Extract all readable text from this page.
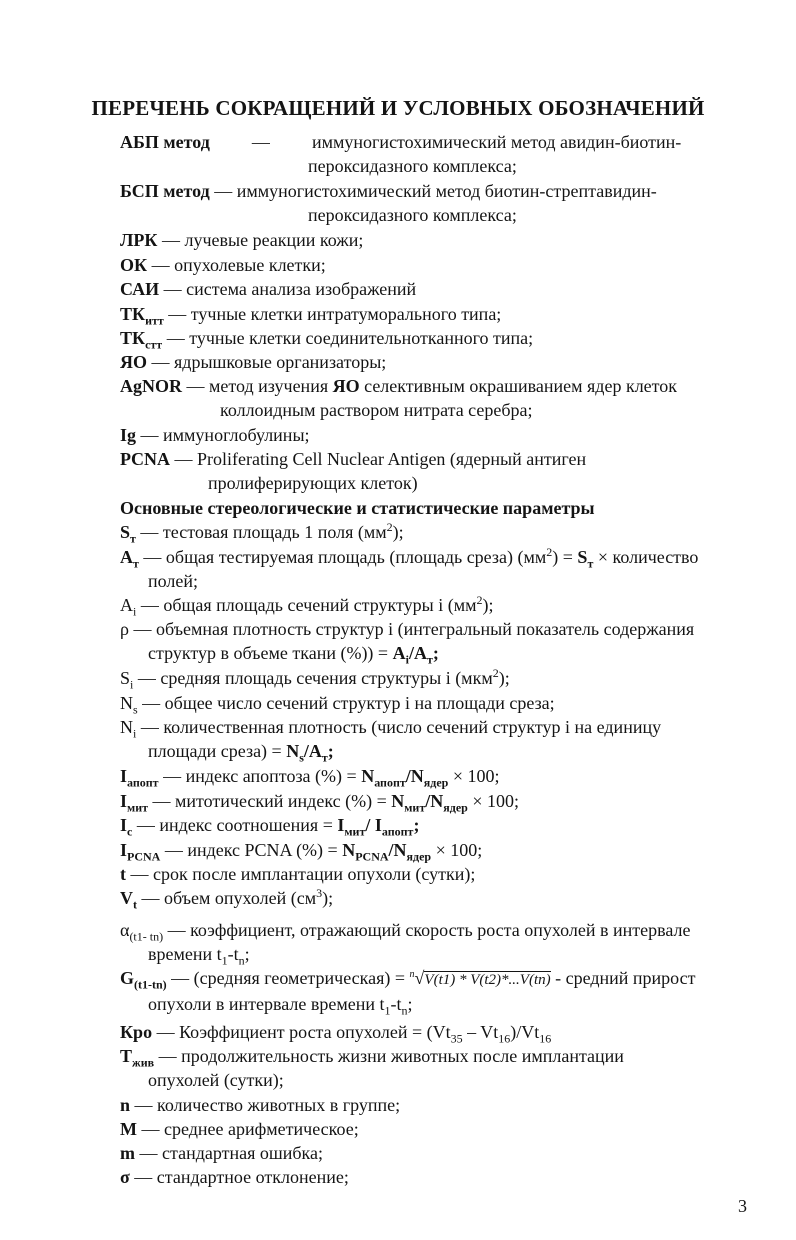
ПЕРЕЧЕНЬ СОКРАЩЕНИЙ И УСЛОВНЫХ ОБОЗНАЧЕНИЙ
АБП метод — иммуногистохимический метод авидин-биотин-
пероксидазного комплекса;
БСП метод — иммуногистохимический метод биотин-стрептавидин-
пероксидазного комплекса;
ЛРК — лучевые реакции кожи;
ОК — опухолевые клетки;
САИ — система анализа изображений
$ТК_{итт}$ — тучные клетки интратуморального типа;
$ТК_{стт}$ — тучные клетки соединительнотканного типа;
ЯО — ядрышковые организаторы;
AgNOR — метод изучения ЯО селективным окрашиванием ядер клеток
коллоидным раствором нитрата серебра;
Ig — иммуноглобулины;
PCNA — Proliferating Cell Nuclear Antigen (ядерный антиген
пролиферирующих клеток)
Основные стереологические и статистические параметры
$S_т$ — тестовая площадь 1 поля $(мм^2)$;
$A_т$ — общая тестируемая площадь (площадь среза) $(мм^2) = S_т$ × количество
полей;
$A_i$ — общая площадь сечений структуры i $(мм^2)$;
ρ — объемная плотность структур i (интегральный показатель содержания
структур в объеме ткани (%)) = $A_i/A_т$;
$S_i$ — средняя площадь сечения структуры i (мкм$^2$);
$N_s$ — общее число сечений структур i на площади среза;
$N_i$ — количественная плотность (число сечений структур i на единицу
площади среза) = $N_s/A_т$;
$I_{апопт}$ — индекс апоптоза (%) = $N_{апопт}/N_{ядер} \times 100$;
$I_{мит}$ — митотический индекс (%) = $N_{мит}/N_{ядер} \times 100$;
$I_c$ — индекс соотношения = $I_{мит}/$ $I_{апопт}$;
$I_{PCNA}$ — индекс PCNA (%) = $N_{PCNA}/N_{ядер} \times 100$;
t — срок после имплантации опухоли (сутки);
$V_t$ — объем опухолей $(см^3)$;
$\alpha_{(t1- tn)}$ — коэффициент, отражающий скорость роста опухолей в интервале
времени $t_1-t_n$;
$G_{(t1-tn)}$ — (средняя геометрическая) = $^n$√V(t1) * V(t2)*...V(tn) - средний прирост
опухоли в интервале времени $t_1-t_n$;
Кро — Коэффициент роста опухолей = $(Vt_{35} - Vt_{16})/Vt_{16}$
$Т_{жив}$ — продолжительность жизни животных после имплантации
опухолей (сутки);
n — количество животных в группе;
M — среднее арифметическое;
m — стандартная ошибка;
σ — стандартное отклонение;
3
